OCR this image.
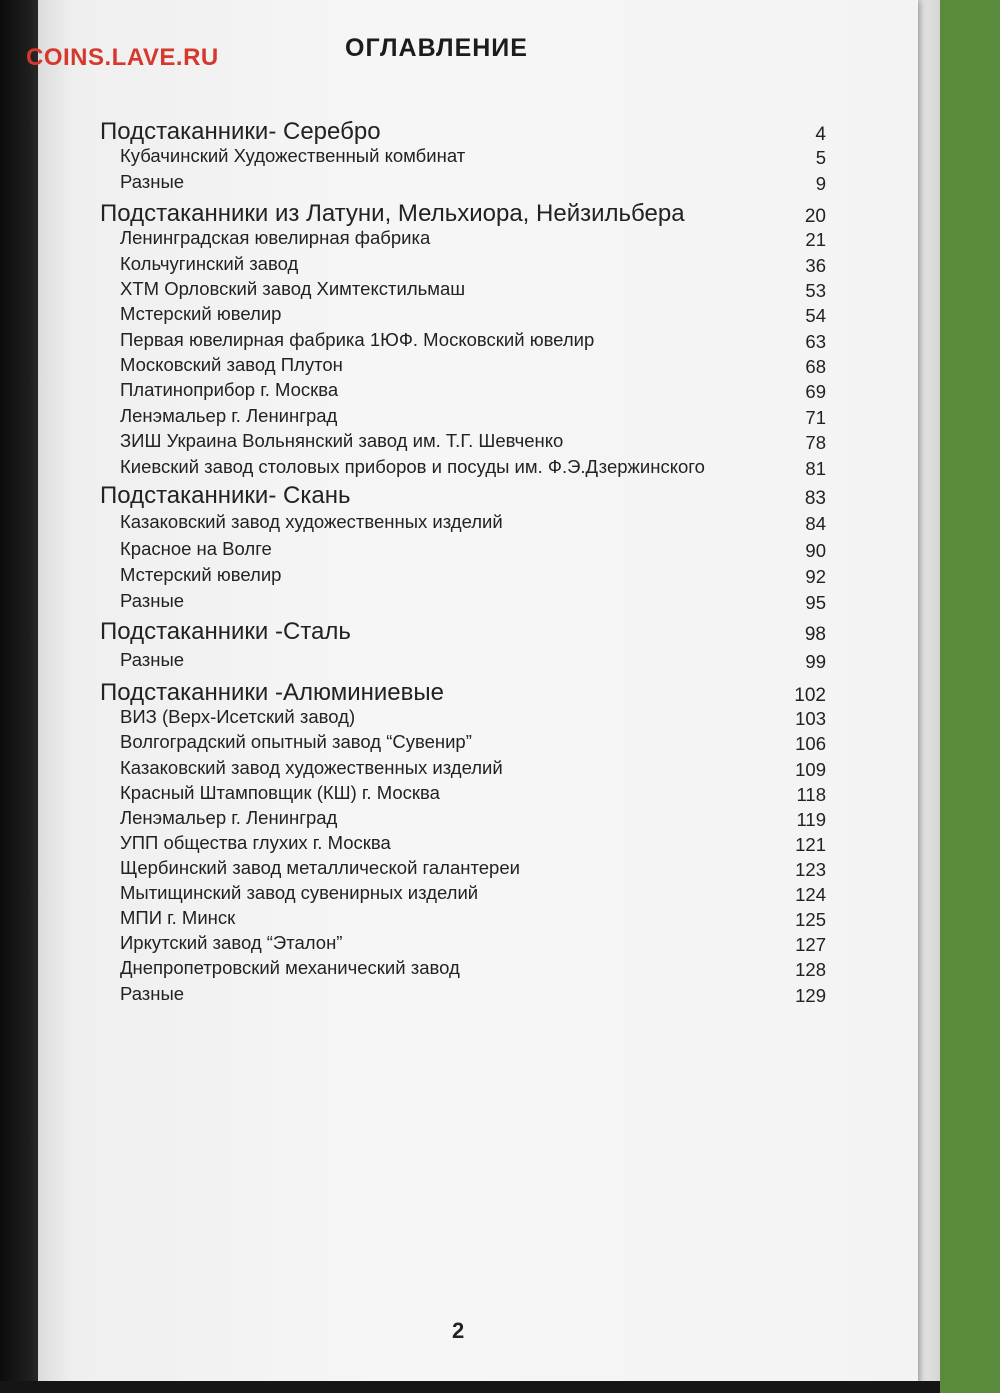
COINS.LAVE.RU	ОГЛАВЛЕНИЕ
Подстаканники- Серебро	4
Кубачинский Художественный комбинат	5
Разные	9
Подстаканники из Латуни, Мельхиора, Нейзильбера	20
Ленинградская ювелирная фабрика	21
Кольчугинский завод	36
ХТМ Орловский завод Химтекстильмаш	53
Мстерский ювелир	54
Первая ювелирная фабрика 1ЮФ. Московский ювелир	63
Московский завод Плутон	68
Платиноприбор г. Москва	69
Ленэмальер г. Ленинград	71
ЗИШ Украина Вольнянский завод им. Т.Г. Шевченко	78
Киевский завод столовых приборов и посуды им. Ф.Э.Дзержинского	81
Подстаканники- Скань	83
Казаковский завод художественных изделий	84
Красное на Волге	90
Мстерский ювелир	92
Разные	95
Подстаканники -Сталь	98
Разные	99
Подстаканники -Алюминиевые	102
ВИЗ (Верх-Исетский завод)	103
Волгоградский опытный завод “Сувенир”	106
Казаковский завод художественных изделий	109
Красный Штамповщик (КШ) г. Москва	118
Ленэмальер г. Ленинград	119
УПП общества глухих г. Москва	121
Щербинский завод металлической галантереи	123
Мытищинский завод сувенирных изделий	124
МПИ г. Минск	125
Иркутский завод “Эталон”	127
Днепропетровский механический завод	128
Разные	129
2
